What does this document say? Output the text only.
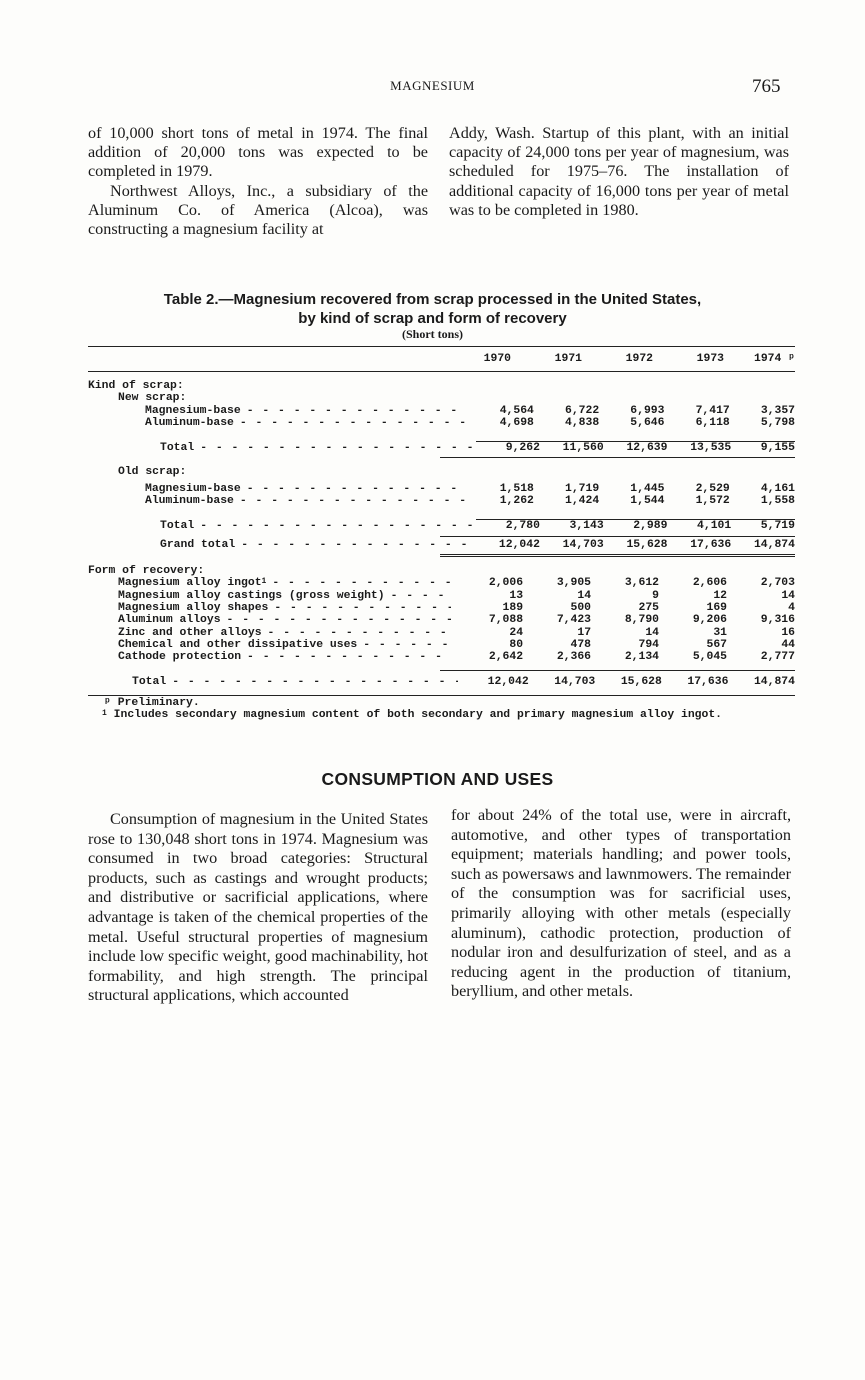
MAGNESIUM	765

of 10,000 short tons of metal in 1974. The final addition of 20,000 tons was expected to be completed in 1979.

Northwest Alloys, Inc., a subsidiary of the Aluminum Co. of America (Alcoa), was constructing a magnesium facility at

Addy, Wash. Startup of this plant, with an initial capacity of 24,000 tons per year of magnesium, was scheduled for 1975–76. The installation of additional capacity of 16,000 tons per year of metal was to be completed in 1980.

Table 2.—Magnesium recovered from scrap processed in the United States,
by kind of scrap and form of recovery
(Short tons)
1970	1971	1972	1973	1974 ᵖ
Kind of scrap:
New scrap:
Magnesium-base - - -	4,564	6,722	6,993	7,417	3,357
Aluminum-base - - -	4,698	4,838	5,646	6,118	5,798
Total - - -	9,262	11,560	12,639	13,535	9,155
Old scrap:
Magnesium-base - - -	1,518	1,719	1,445	2,529	4,161
Aluminum-base - - -	1,262	1,424	1,544	1,572	1,558
Total - - -	2,780	3,143	2,989	4,101	5,719
Grand total - - -	12,042	14,703	15,628	17,636	14,874
Form of recovery:
Magnesium alloy ingot$^1$ - - -	2,006	3,905	3,612	2,606	2,703
Magnesium alloy castings (gross weight) - - -	13	14	9	12	14
Magnesium alloy shapes - - -	189	500	275	169	4
Aluminum alloys - - -	7,088	7,423	8,790	9,206	9,316
Zinc and other alloys - - -	24	17	14	31	16
Chemical and other dissipative uses - - -	80	478	794	567	44
Cathode protection - - -	2,642	2,366	2,134	5,045	2,777
Total - - -	12,042	14,703	15,628	17,636	14,874
ᵖ Preliminary.
$^1$ Includes secondary magnesium content of both secondary and primary magnesium alloy ingot.
CONSUMPTION AND USES

Consumption of magnesium in the United States rose to 130,048 short tons in 1974. Magnesium was consumed in two broad categories: Structural products, such as castings and wrought products; and distributive or sacrificial applications, where advantage is taken of the chemical properties of the metal. Useful structural properties of magnesium include low specific weight, good machinability, hot formability, and high strength. The principal structural applications, which accounted

for about 24% of the total use, were in aircraft, automotive, and other types of transportation equipment; materials handling; and power tools, such as powersaws and lawnmowers. The remainder of the consumption was for sacrificial uses, primarily alloying with other metals (especially aluminum), cathodic protection, production of nodular iron and desulfurization of steel, and as a reducing agent in the production of titanium, beryllium, and other metals.
